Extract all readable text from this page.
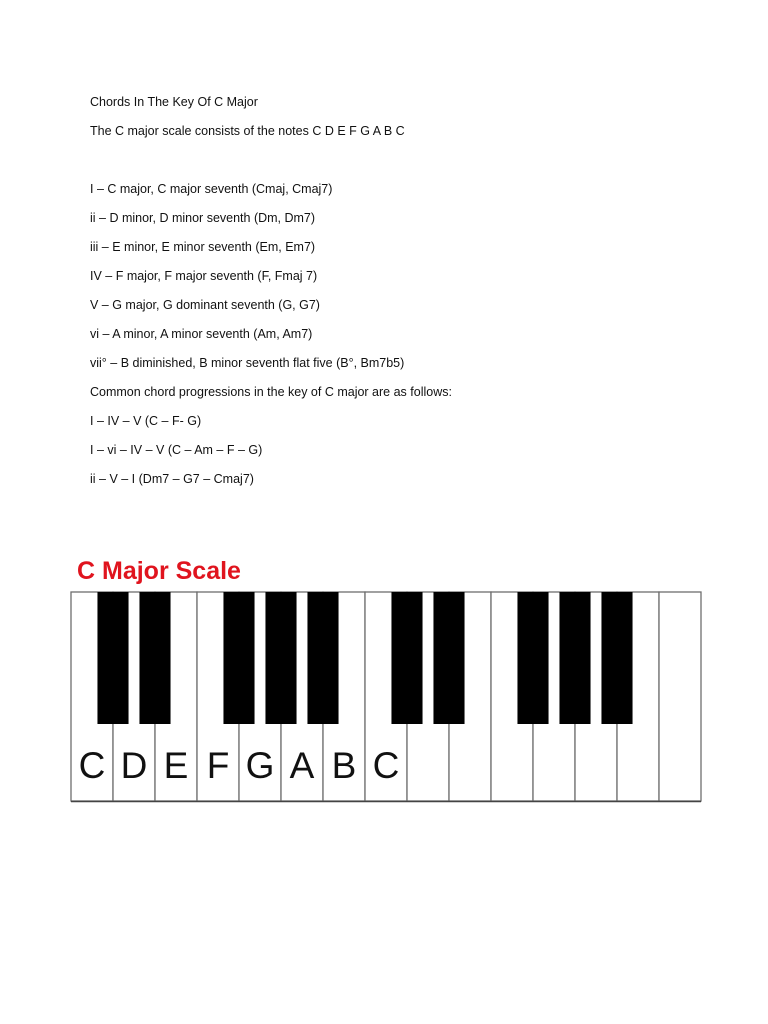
Chords In The Key Of C Major
The C major scale consists of the notes C D E F G A B C
I – C major, C major seventh (Cmaj, Cmaj7)
ii – D minor, D minor seventh (Dm, Dm7)
iii – E minor, E minor seventh (Em, Em7)
IV – F major, F major seventh (F, Fmaj 7)
V – G major, G dominant seventh (G, G7)
vi – A minor, A minor seventh (Am, Am7)
vii° – B diminished, B minor seventh flat five (B°, Bm7b5)
Common chord progressions in the key of C major are as follows:
I – IV – V (C – F- G)
I – vi – IV – V (C – Am – F – G)
ii – V – I (Dm7 – G7 – Cmaj7)
C Major Scale
C D E F G A B C
